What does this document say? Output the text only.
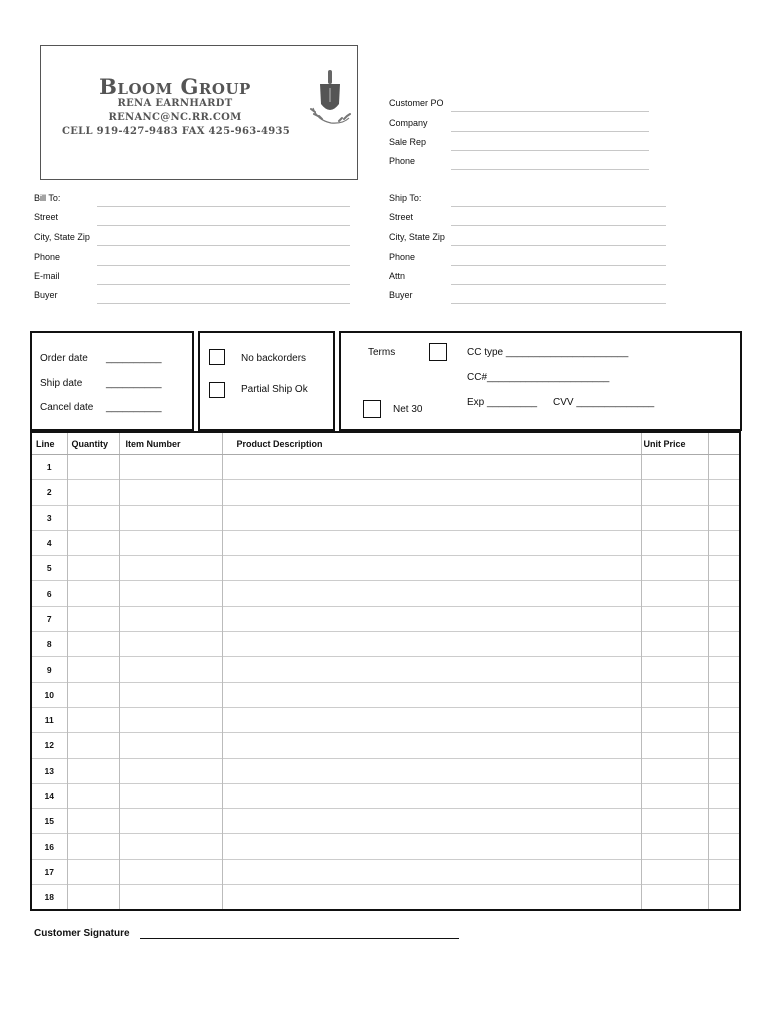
Bloom Group
RENA EARNHARDT
RENANC@NC.RR.COM
CELL 919-427-9483 FAX 425-963-4935
Customer PO
Company
Sale Rep
Phone
Bill To:
Street
City, State Zip
Phone
E-mail
Buyer
Ship To:
Street
City, State Zip
Phone
Attn
Buyer
Order date __________
Ship date __________
Cancel date __________
No backorders
Partial Ship Ok
Terms	CC type ______________________
CC#______________________
Exp _________ CVV ______________
Net 30
Line	Quantity	Item Number	Product Description	Unit Price	
1					
2					
3					
4					
5					
6					
7					
8					
9					
10					
11					
12					
13					
14					
15					
16					
17					
18					
Customer Signature
